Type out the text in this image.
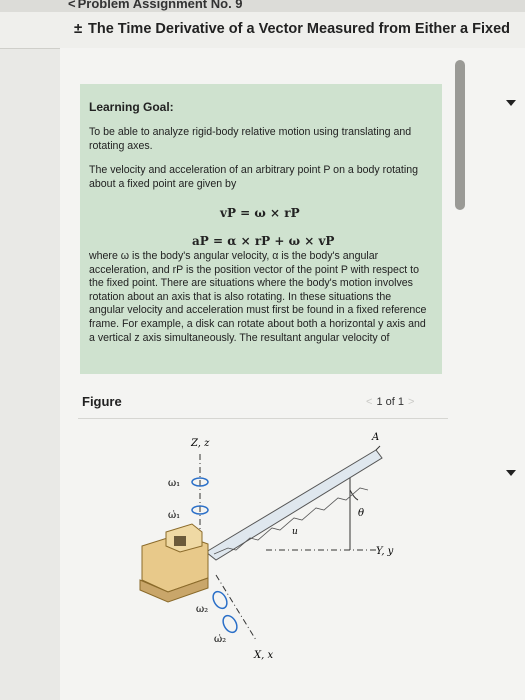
< Problem Assignment No. 9
± The Time Derivative of a Vector Measured from Either a Fixed
Learning Goal:
To be able to analyze rigid-body relative motion using translating and rotating axes.
The velocity and acceleration of an arbitrary point P on a body rotating about a fixed point are given by
vP = ω × rP
aP = α × rP + ω × vP
where ω is the body's angular velocity, α is the body's angular acceleration, and rP is the position vector of the point P with respect to the fixed point. There are situations where the body's motion involves rotation about an axis that is also rotating. In these situations the angular velocity and acceleration must first be found in a fixed reference frame. For example, a disk can rotate about both a horizontal y axis and a vertical z axis simultaneously. The resultant angular velocity of
Figure	< 1 of 1 >
Z, z
ω₁
ω̇₁
Y, y
X, x
θ
A
u
ω₂
ω̇₂
